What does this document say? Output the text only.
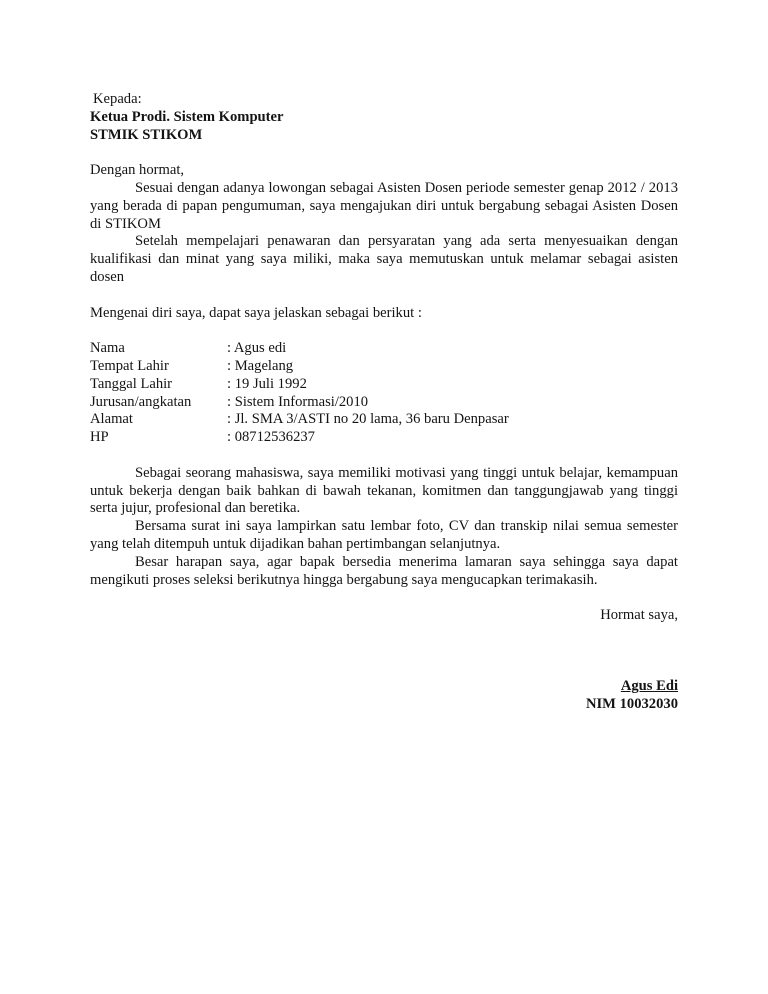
Kepada:

Ketua Prodi. Sistem Komputer

STMIK STIKOM

Dengan hormat,

Sesuai dengan adanya lowongan sebagai Asisten Dosen periode semester genap 2012 / 2013 yang berada di papan pengumuman, saya mengajukan diri untuk bergabung sebagai Asisten Dosen di STIKOM

Setelah mempelajari penawaran dan persyaratan yang ada serta menyesuaikan dengan kualifikasi dan minat yang saya miliki, maka saya memutuskan untuk melamar sebagai asisten dosen

Mengenai diri saya, dapat saya jelaskan sebagai berikut :

Nama	: Agus edi
Tempat Lahir	: Magelang
Tanggal Lahir	: 19 Juli 1992
Jurusan/angkatan	: Sistem Informasi/2010
Alamat	: Jl. SMA 3/ASTI no 20 lama, 36 baru Denpasar
HP	: 08712536237

Sebagai seorang mahasiswa, saya memiliki motivasi yang tinggi untuk belajar, kemampuan untuk bekerja dengan baik bahkan di bawah tekanan, komitmen dan tanggungjawab yang tinggi serta jujur, profesional dan beretika.

Bersama surat ini saya lampirkan satu lembar foto, CV dan transkip nilai semua semester yang telah ditempuh untuk dijadikan bahan pertimbangan selanjutnya.

Besar harapan saya, agar bapak bersedia menerima lamaran saya sehingga saya dapat mengikuti proses seleksi berikutnya hingga bergabung saya mengucapkan terimakasih.

Hormat saya,

Agus Edi

NIM 10032030
